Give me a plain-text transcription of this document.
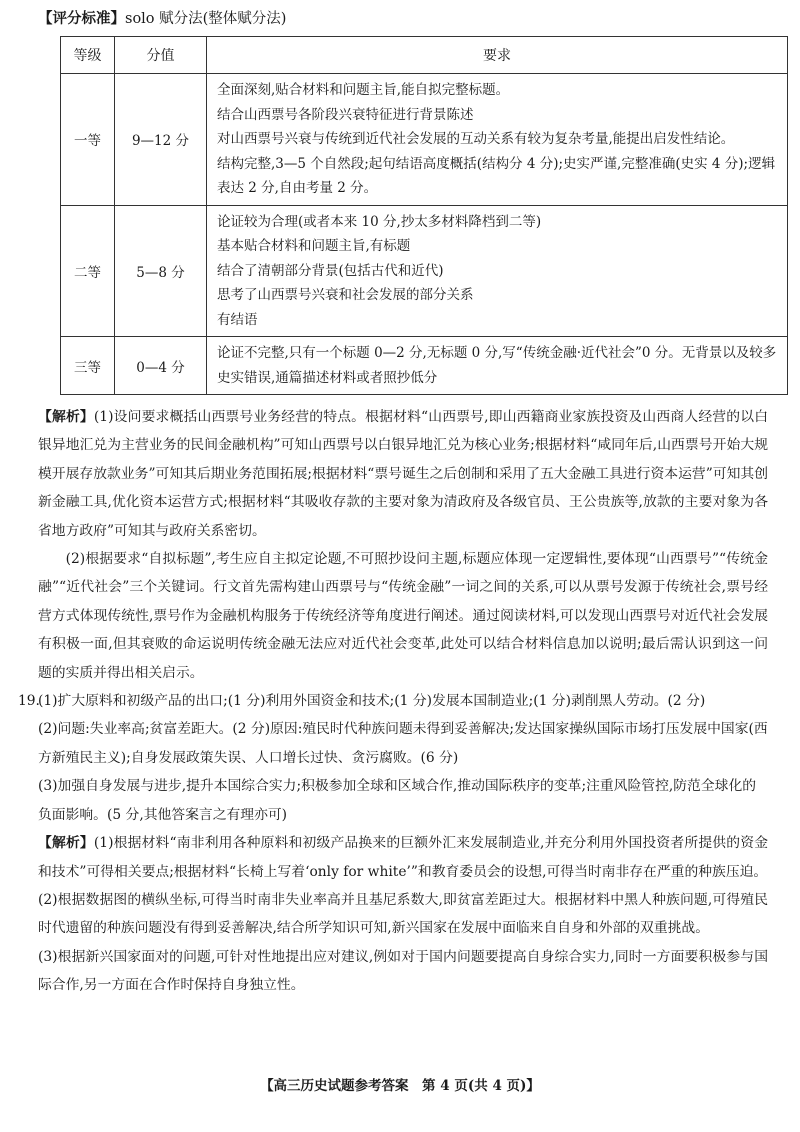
【评分标准】solo 赋分法(整体赋分法)
等级	分值	要求
一等	9—12 分	全面深刻,贴合材料和问题主旨,能自拟完整标题。
结合山西票号各阶段兴衰特征进行背景陈述
对山西票号兴衰与传统到近代社会发展的互动关系有较为复杂考量,能提出启发性结论。
结构完整,3—5 个自然段;起句结语高度概括(结构分 4 分);史实严谨,完整准确(史实 4 分);逻辑表达 2 分,自由考量 2 分。

二等	5—8 分	论证较为合理(或者本来 10 分,抄太多材料降档到二等)
基本贴合材料和问题主旨,有标题
结合了清朝部分背景(包括古代和近代)
思考了山西票号兴衰和社会发展的部分关系
有结语

三等	0—4 分	论证不完整,只有一个标题 0—2 分,无标题 0 分,写“传统金融·近代社会”0 分。无背景以及较多史实错误,通篇描述材料或者照抄低分
【解析】(1)设问要求概括山西票号业务经营的特点。根据材料“山西票号,即山西籍商业家族投资及山西商人经营的以白银异地汇兑为主营业务的民间金融机构”可知山西票号以白银异地汇兑为核心业务;根据材料“咸同年后,山西票号开始大规模开展存放款业务”可知其后期业务范围拓展;根据材料“票号诞生之后创制和采用了五大金融工具进行资本运营”可知其创新金融工具,优化资本运营方式;根据材料“其吸收存款的主要对象为清政府及各级官员、王公贵族等,放款的主要对象为各省地方政府”可知其与政府关系密切。
(2)根据要求“自拟标题”,考生应自主拟定论题,不可照抄设问主题,标题应体现一定逻辑性,要体现“山西票号”“传统金融”“近代社会”三个关键词。行文首先需构建山西票号与“传统金融”一词之间的关系,可以从票号发源于传统社会,票号经营方式体现传统性,票号作为金融机构服务于传统经济等角度进行阐述。通过阅读材料,可以发现山西票号对近代社会发展有积极一面,但其衰败的命运说明传统金融无法应对近代社会变革,此处可以结合材料信息加以说明;最后需认识到这一问题的实质并得出相关启示。
19.(1)扩大原料和初级产品的出口;(1 分)利用外国资金和技术;(1 分)发展本国制造业;(1 分)剥削黑人劳动。(2 分)
(2)问题:失业率高;贫富差距大。(2 分)原因:殖民时代种族问题未得到妥善解决;发达国家操纵国际市场打压发展中国家(西方新殖民主义);自身发展政策失误、人口增长过快、贪污腐败。(6 分)
(3)加强自身发展与进步,提升本国综合实力;积极参加全球和区域合作,推动国际秩序的变革;注重风险管控,防范全球化的负面影响。(5 分,其他答案言之有理亦可)
【解析】(1)根据材料“南非利用各种原料和初级产品换来的巨额外汇来发展制造业,并充分利用外国投资者所提供的资金和技术”可得相关要点;根据材料“长椅上写着‘only for white’”和教育委员会的设想,可得当时南非存在严重的种族压迫。
(2)根据数据图的横纵坐标,可得当时南非失业率高并且基尼系数大,即贫富差距过大。根据材料中黑人种族问题,可得殖民时代遗留的种族问题没有得到妥善解决,结合所学知识可知,新兴国家在发展中面临来自自身和外部的双重挑战。
(3)根据新兴国家面对的问题,可针对性地提出应对建议,例如对于国内问题要提高自身综合实力,同时一方面要积极参与国际合作,另一方面在合作时保持自身独立性。
【高三历史试题参考答案　第 4 页(共 4 页)】
